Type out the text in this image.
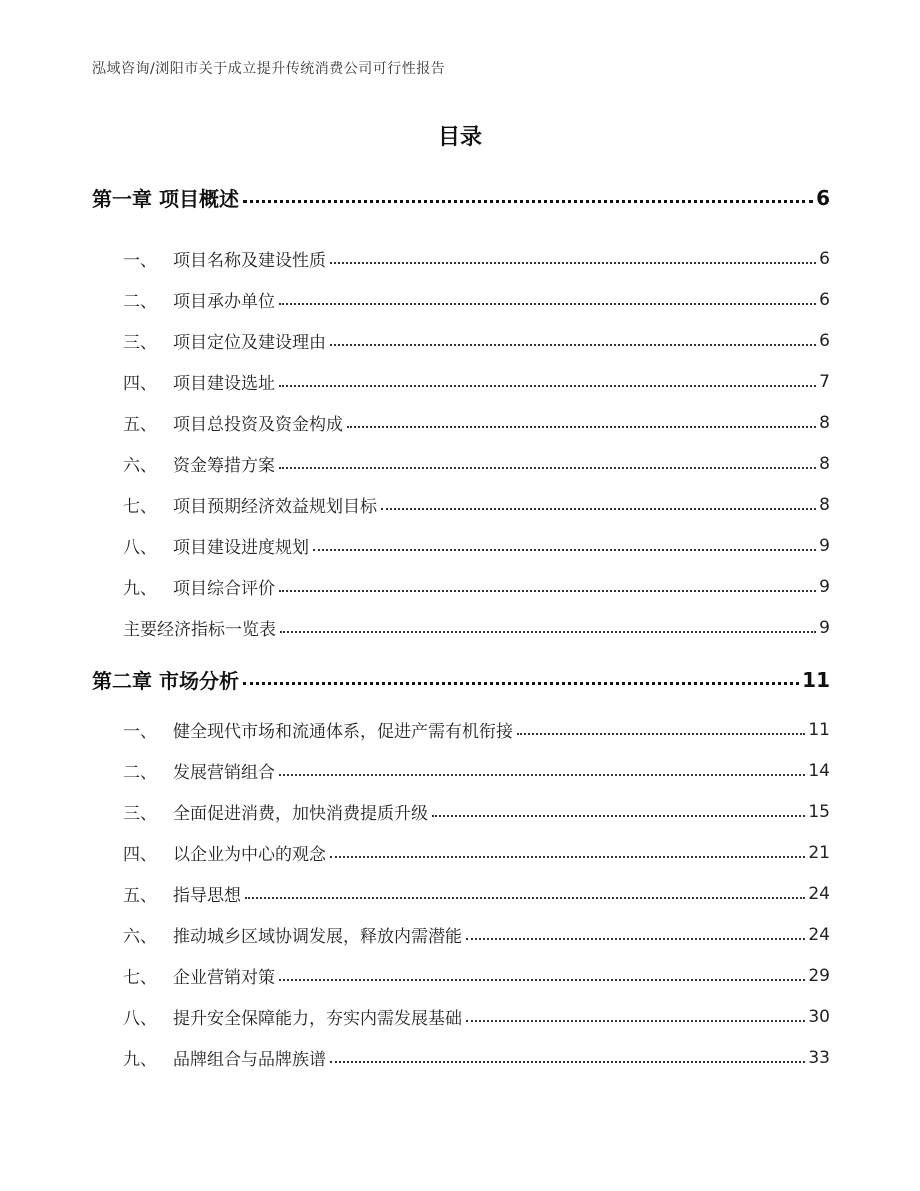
泓域咨询/浏阳市关于成立提升传统消费公司可行性报告
目录
第一章 项目概述	6
一、 项目名称及建设性质	6
二、 项目承办单位	6
三、 项目定位及建设理由	6
四、 项目建设选址	7
五、 项目总投资及资金构成	8
六、 资金筹措方案	8
七、 项目预期经济效益规划目标	8
八、 项目建设进度规划	9
九、 项目综合评价	9
主要经济指标一览表	9
第二章 市场分析	11
一、 健全现代市场和流通体系，促进产需有机衔接	11
二、 发展营销组合	14
三、 全面促进消费，加快消费提质升级	15
四、 以企业为中心的观念	21
五、 指导思想	24
六、 推动城乡区域协调发展，释放内需潜能	24
七、 企业营销对策	29
八、 提升安全保障能力，夯实内需发展基础	30
九、 品牌组合与品牌族谱	33
